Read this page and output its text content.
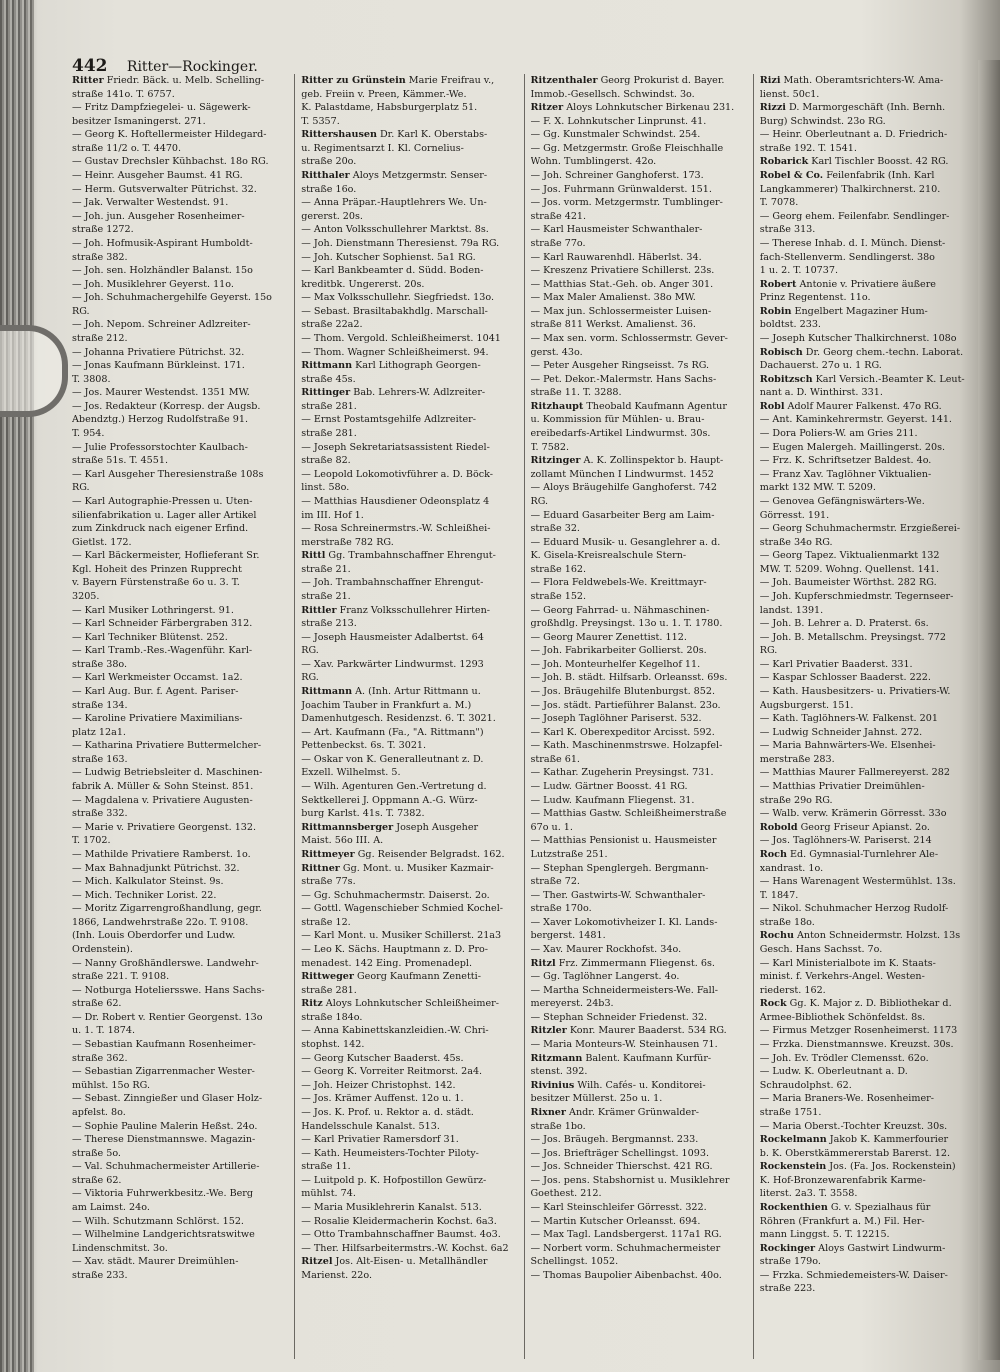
442 Ritter—Rockinger.
Ritter Friedr. Bäck. u. Melb. Schelling-
straße 141o. T. 6757.
— Fritz Dampfziegelei- u. Sägewerk-
besitzer Ismaningerst. 271.
— Georg K. Hoftellermeister Hildegard-
straße 11/2 o. T. 4470.
— Gustav Drechsler Kühbachst. 18o RG.
— Heinr. Ausgeher Baumst. 41 RG.
— Herm. Gutsverwalter Pütrichst. 32.
— Jak. Verwalter Westendst. 91.
— Joh. jun. Ausgeher Rosenheimer-
straße 1272.
— Joh. Hofmusik-Aspirant Humboldt-
straße 382.
— Joh. sen. Holzhändler Balanst. 15o
— Joh. Musiklehrer Geyerst. 11o.
— Joh. Schuhmachergehilfe Geyerst. 15o
RG.
— Joh. Nepom. Schreiner Adlzreiter-
straße 212.
— Johanna Privatiere Pütrichst. 32.
— Jonas Kaufmann Bürkleinst. 171.
T. 3808.
— Jos. Maurer Westendst. 1351 MW.
— Jos. Redakteur (Korresp. der Augsb.
Abendztg.) Herzog Rudolfstraße 91.
T. 954.
— Julie Professorstochter Kaulbach-
straße 51s. T. 4551.
— Karl Ausgeher Theresienstraße 108s
RG.
— Karl Autographie-Pressen u. Uten-
silienfabrikation u. Lager aller Artikel
zum Zinkdruck nach eigener Erfind.
Gietlst. 172.
— Karl Bäckermeister, Hoflieferant Sr.
Kgl. Hoheit des Prinzen Rupprecht
v. Bayern Fürstenstraße 6o u. 3. T.
3205.
— Karl Musiker Lothringerst. 91.
— Karl Schneider Färbergraben 312.
— Karl Techniker Blütenst. 252.
— Karl Tramb.-Res.-Wagenführ. Karl-
straße 38o.
— Karl Werkmeister Occamst. 1a2.
— Karl Aug. Bur. f. Agent. Pariser-
straße 134.
— Karoline Privatiere Maximilians-
platz 12a1.
— Katharina Privatiere Buttermelcher-
straße 163.
— Ludwig Betriebsleiter d. Maschinen-
fabrik A. Müller & Sohn Steinst. 851.
— Magdalena v. Privatiere Augusten-
straße 332.
— Marie v. Privatiere Georgenst. 132.
T. 1702.
— Mathilde Privatiere Ramberst. 1o.
— Max Bahnadjunkt Pütrichst. 32.
— Mich. Kalkulator Steinst. 9s.
— Mich. Techniker Lorist. 22.
— Moritz Zigarrengroßhandlung, gegr.
1866, Landwehrstraße 22o. T. 9108.
(Inh. Louis Oberdorfer und Ludw.
Ordenstein).
— Nanny Großhändlerswe. Landwehr-
straße 221. T. 9108.
— Notburga Hoteliersswe. Hans Sachs-
straße 62.
— Dr. Robert v. Rentier Georgenst. 13o
u. 1. T. 1874.
— Sebastian Kaufmann Rosenheimer-
straße 362.
— Sebastian Zigarrenmacher Wester-
mühlst. 15o RG.
— Sebast. Zinngießer und Glaser Holz-
apfelst. 8o.
— Sophie Pauline Malerin Heßst. 24o.
— Therese Dienstmannswe. Magazin-
straße 5o.
— Val. Schuhmachermeister Artillerie-
straße 62.
— Viktoria Fuhrwerkbesitz.-We. Berg
am Laimst. 24o.
— Wilh. Schutzmann Schlörst. 152.
— Wilhelmine Landgerichtsratswitwe
Lindenschmitst. 3o.
— Xav. städt. Maurer Dreimühlen-
straße 233.
Ritter zu Grünstein Marie Freifrau v.,
geb. Freiin v. Preen, Kämmer.-We.
K. Palastdame, Habsburgerplatz 51.
T. 5357.
Rittershausen Dr. Karl K. Oberstabs-
u. Regimentsarzt I. Kl. Cornelius-
straße 20o.
Ritthaler Aloys Metzgermstr. Senser-
straße 16o.
— Anna Präpar.-Hauptlehrers We. Un-
gererst. 20s.
— Anton Volksschullehrer Marktst. 8s.
— Joh. Dienstmann Theresienst. 79a RG.
— Joh. Kutscher Sophienst. 5a1 RG.
— Karl Bankbeamter d. Südd. Boden-
kreditbk. Ungererst. 20s.
— Max Volksschullehr. Siegfriedst. 13o.
— Sebast. Brasiltabakhdlg. Marschall-
straße 22a2.
— Thom. Vergold. Schleißheimerst. 1041
— Thom. Wagner Schleißheimerst. 94.
Rittmann Karl Lithograph Georgen-
straße 45s.
Rittinger Bab. Lehrers-W. Adlzreiter-
straße 281.
— Ernst Postamtsgehilfe Adlzreiter-
straße 281.
— Joseph Sekretariatsassistent Riedel-
straße 82.
— Leopold Lokomotivführer a. D. Böck-
linst. 58o.
— Matthias Hausdiener Odeonsplatz 4
im III. Hof 1.
— Rosa Schreinermstrs.-W. Schleißhei-
merstraße 782 RG.
Rittl Gg. Trambahnschaffner Ehrengut-
straße 21.
— Joh. Trambahnschaffner Ehrengut-
straße 21.
Rittler Franz Volksschullehrer Hirten-
straße 213.
— Joseph Hausmeister Adalbertst. 64
RG.
— Xav. Parkwärter Lindwurmst. 1293
RG.
Rittmann A. (Inh. Artur Rittmann u.
Joachim Tauber in Frankfurt a. M.)
Damenhutgesch. Residenzst. 6. T. 3021.
— Art. Kaufmann (Fa., "A. Rittmann")
Pettenbeckst. 6s. T. 3021.
— Oskar von K. Generalleutnant z. D.
Exzell. Wilhelmst. 5.
— Wilh. Agenturen Gen.-Vertretung d.
Sektkellerei J. Oppmann A.-G. Würz-
burg Karlst. 41s. T. 7382.
Rittmannsberger Joseph Ausgeher
Maist. 56o III. A.
Rittmeyer Gg. Reisender Belgradst. 162.
Rittner Gg. Mont. u. Musiker Kazmair-
straße 77s.
— Gg. Schuhmachermstr. Daiserst. 2o.
— Gottl. Wagenschieber Schmied Kochel-
straße 12.
— Karl Mont. u. Musiker Schillerst. 21a3
— Leo K. Sächs. Hauptmann z. D. Pro-
menadest. 142 Eing. Promenadepl.
Rittweger Georg Kaufmann Zenetti-
straße 281.
Ritz Aloys Lohnkutscher Schleißheimer-
straße 184o.
— Anna Kabinettskanzleidien.-W. Chri-
stophst. 142.
— Georg Kutscher Baaderst. 45s.
— Georg K. Vorreiter Reitmorst. 2a4.
— Joh. Heizer Christophst. 142.
— Jos. Krämer Auffenst. 12o u. 1.
— Jos. K. Prof. u. Rektor a. d. städt.
Handelsschule Kanalst. 513.
— Karl Privatier Ramersdorf 31.
— Kath. Heumeisters-Tochter Piloty-
straße 11.
— Luitpold p. K. Hofpostillon Gewürz-
mühlst. 74.
— Maria Musiklehrerin Kanalst. 513.
— Rosalie Kleidermacherin Kochst. 6a3.
— Otto Trambahnschaffner Baumst. 4o3.
— Ther. Hilfsarbeitermstrs.-W. Kochst. 6a2
Ritzel Jos. Alt-Eisen- u. Metallhändler
Marienst. 22o.
Ritzenthaler Georg Prokurist d. Bayer.
Immob.-Gesellsch. Schwindst. 3o.
Ritzer Aloys Lohnkutscher Birkenau 231.
— F. X. Lohnkutscher Linprunst. 41.
— Gg. Kunstmaler Schwindst. 254.
— Gg. Metzgermstr. Große Fleischhalle
Wohn. Tumblingerst. 42o.
— Joh. Schreiner Ganghoferst. 173.
— Jos. Fuhrmann Grünwalderst. 151.
— Jos. vorm. Metzgermstr. Tumblinger-
straße 421.
— Karl Hausmeister Schwanthaler-
straße 77o.
— Karl Rauwarenhdl. Häberlst. 34.
— Kreszenz Privatiere Schillerst. 23s.
— Matthias Stat.-Geh. ob. Anger 301.
— Max Maler Amalienst. 38o MW.
— Max jun. Schlossermeister Luisen-
straße 811 Werkst. Amalienst. 36.
— Max sen. vorm. Schlossermstr. Gever-
gerst. 43o.
— Peter Ausgeher Ringseisst. 7s RG.
— Pet. Dekor.-Malermstr. Hans Sachs-
straße 11. T. 3288.
Ritzhaupt Theobald Kaufmann Agentur
u. Kommission für Mühlen- u. Brau-
ereibedarfs-Artikel Lindwurmst. 30s.
T. 7582.
Ritzinger A. K. Zollinspektor b. Haupt-
zollamt München I Lindwurmst. 1452
— Aloys Bräugehilfe Ganghoferst. 742
RG.
— Eduard Gasarbeiter Berg am Laim-
straße 32.
— Eduard Musik- u. Gesanglehrer a. d.
K. Gisela-Kreisrealschule Stern-
straße 162.
— Flora Feldwebels-We. Kreittmayr-
straße 152.
— Georg Fahrrad- u. Nähmaschinen-
großhdlg. Preysingst. 13o u. 1. T. 1780.
— Georg Maurer Zenettist. 112.
— Joh. Fabrikarbeiter Gollierst. 20s.
— Joh. Monteurhelfer Kegelhof 11.
— Joh. B. städt. Hilfsarb. Orleansst. 69s.
— Jos. Bräugehilfe Blutenburgst. 852.
— Jos. städt. Partieführer Balanst. 23o.
— Joseph Taglöhner Pariserst. 532.
— Karl K. Oberexpeditor Arcisst. 592.
— Kath. Maschinenmstrswe. Holzapfel-
straße 61.
— Kathar. Zugeherin Preysingst. 731.
— Ludw. Gärtner Boosst. 41 RG.
— Ludw. Kaufmann Fliegenst. 31.
— Matthias Gastw. Schleißheimerstraße
67o u. 1.
— Matthias Pensionist u. Hausmeister
Lutzstraße 251.
— Stephan Spenglergeh. Bergmann-
straße 72.
— Ther. Gastwirts-W. Schwanthaler-
straße 170o.
— Xaver Lokomotivheizer I. Kl. Lands-
bergerst. 1481.
— Xav. Maurer Rockhofst. 34o.
Ritzl Frz. Zimmermann Fliegenst. 6s.
— Gg. Taglöhner Langerst. 4o.
— Martha Schneidermeisters-We. Fall-
mereyerst. 24b3.
— Stephan Schneider Friedenst. 32.
Ritzler Konr. Maurer Baaderst. 534 RG.
— Maria Monteurs-W. Steinhausen 71.
Ritzmann Balent. Kaufmann Kurfür-
stenst. 392.
Rivinius Wilh. Cafés- u. Konditorei-
besitzer Müllerst. 25o u. 1.
Rixner Andr. Krämer Grünwalder-
straße 1bo.
— Jos. Bräugeh. Bergmannst. 233.
— Jos. Briefträger Schellingst. 1093.
— Jos. Schneider Thierschst. 421 RG.
— Jos. pens. Stabshornist u. Musiklehrer
Goethest. 212.
— Karl Steinschleifer Görresst. 322.
— Martin Kutscher Orleansst. 694.
— Max Tagl. Landsbergerst. 117a1 RG.
— Norbert vorm. Schuhmachermeister
Schellingst. 1052.
— Thomas Baupolier Aibenbachst. 40o.
Rizi Math. Oberamtsrichters-W. Ama-
lienst. 50c1.
Rizzi D. Marmorgeschäft (Inh. Bernh.
Burg) Schwindst. 23o RG.
— Heinr. Oberleutnant a. D. Friedrich-
straße 192. T. 1541.
Robarick Karl Tischler Boosst. 42 RG.
Robel & Co. Feilenfabrik (Inh. Karl
Langkammerer) Thalkirchnerst. 210.
T. 7078.
— Georg ehem. Feilenfabr. Sendlinger-
straße 313.
— Therese Inhab. d. I. Münch. Dienst-
fach-Stellenverm. Sendlingerst. 38o
1 u. 2. T. 10737.
Robert Antonie v. Privatiere äußere
Prinz Regentenst. 11o.
Robin Engelbert Magaziner Hum-
boldtst. 233.
— Joseph Kutscher Thalkirchnerst. 108o
Robisch Dr. Georg chem.-techn. Laborat.
Dachauerst. 27o u. 1 RG.
Robitzsch Karl Versich.-Beamter K. Leut-
nant a. D. Winthirst. 331.
Robl Adolf Maurer Falkenst. 47o RG.
— Ant. Kaminkehrermstr. Geyerst. 141.
— Dora Poliers-W. am Gries 211.
— Eugen Malergeh. Maillingerst. 20s.
— Frz. K. Schriftsetzer Baldest. 4o.
— Franz Xav. Taglöhner Viktualien-
markt 132 MW. T. 5209.
— Genovea Gefängniswärters-We.
Görresst. 191.
— Georg Schuhmachermstr. Erzgießerei-
straße 34o RG.
— Georg Tapez. Viktualienmarkt 132
MW. T. 5209. Wohng. Quellenst. 141.
— Joh. Baumeister Wörthst. 282 RG.
— Joh. Kupferschmiedmstr. Tegernseer-
landst. 1391.
— Joh. B. Lehrer a. D. Praterst. 6s.
— Joh. B. Metallschm. Preysingst. 772
RG.
— Karl Privatier Baaderst. 331.
— Kaspar Schlosser Baaderst. 222.
— Kath. Hausbesitzers- u. Privatiers-W.
Augsburgerst. 151.
— Kath. Taglöhners-W. Falkenst. 201
— Ludwig Schneider Jahnst. 272.
— Maria Bahnwärters-We. Elsenhei-
merstraße 283.
— Matthias Maurer Fallmereyerst. 282
— Matthias Privatier Dreimühlen-
straße 29o RG.
— Walb. verw. Krämerin Görresst. 33o
Robold Georg Friseur Apianst. 2o.
— Jos. Taglöhners-W. Pariserst. 214
Roch Ed. Gymnasial-Turnlehrer Ale-
xandrast. 1o.
— Hans Warenagent Westermühlst. 13s.
T. 1847.
— Nikol. Schuhmacher Herzog Rudolf-
straße 18o.
Rochu Anton Schneidermstr. Holzst. 13s
Gesch. Hans Sachsst. 7o.
— Karl Ministerialbote im K. Staats-
minist. f. Verkehrs-Angel. Westen-
riederst. 162.
Rock Gg. K. Major z. D. Bibliothekar d.
Armee-Bibliothek Schönfeldst. 8s.
— Firmus Metzger Rosenheimerst. 1173
— Frzka. Dienstmannswe. Kreuzst. 30s.
— Joh. Ev. Trödler Clemensst. 62o.
— Ludw. K. Oberleutnant a. D.
Schraudolphst. 62.
— Maria Braners-We. Rosenheimer-
straße 1751.
— Maria Oberst.-Tochter Kreuzst. 30s.
Rockelmann Jakob K. Kammerfourier
b. K. Oberstkämmererstab Barerst. 12.
Rockenstein Jos. (Fa. Jos. Rockenstein)
K. Hof-Bronzewarenfabrik Karme-
literst. 2a3. T. 3558.
Rockenthien G. v. Spezialhaus für
Röhren (Frankfurt a. M.) Fil. Her-
mann Linggst. 5. T. 12215.
Rockinger Aloys Gastwirt Lindwurm-
straße 179o.
— Frzka. Schmiedemeisters-W. Daiser-
straße 223.
